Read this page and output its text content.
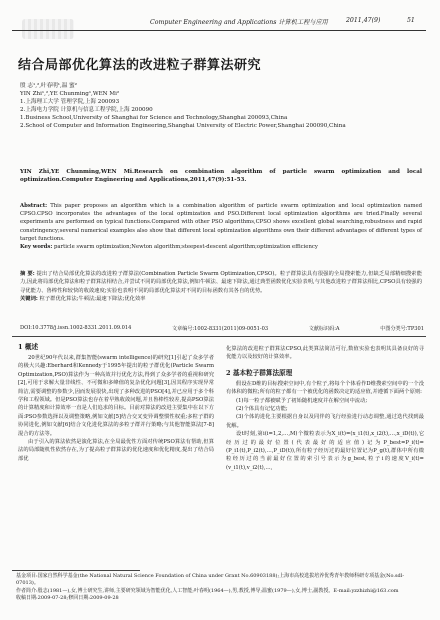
Computer Engineering and Applications 计算机工程与应用	2011,47(9)	51
结合局部优化算法的改进粒子群算法研究
殷 志¹,²,叶春明¹,温 蜜²
YIN Zhi¹,²,YE Chunming¹,WEN Mi²
1.上海理工大学 管理学院,上海 200093
2.上海电力学院 计算机与信息工程学院,上海 200090
1.Business School,University of Shanghai for Science and Technology,Shanghai 200093,China
2.School of Computer and Information Engineering,Shanghai University of Electric Power,Shanghai 200090,China
YIN Zhi,YE Chunming,WEN Mi.Research on combination algorithm of particle swarm optimization and local optimization.Computer Engineering and Applications,2011,47(9):51-53.
Abstract: This paper proposes an algorithm which is a combination algorithm of particle swarm optimization and local optimization named CPSO.CPSO incorporates the advantages of the local optimization and PSO.Different local optimization algorithms are tried.Finally several experiments are performed on typical functions.Compared with other PSO algorithms,CPSO shows excellent global searching,robustness and rapid constringency;several numerical examples also show that different local optimization algorithms own their different advantages of different types of target functions.
Key words: particle swarm optimization;Newton algorithm;steepest-descent algorithm;optimization efficiency
摘 要: 提出了结合局部优化算法的改进粒子群算法(Combination Particle Swarm Optimization,CPSO)。粒子群算法具有很强的全局搜索能力,但缺乏局部精细搜索能力,因此将局部优化算法和粒子群算法相结合,并尝试不同的局部优化算法,例如牛顿法、最速下降法,通过典型函数优化实验表明,与其他改进粒子群算法相比,CPSO具有较强的寻优能力、鲁棒性和较快的收敛速度;实验也表明不同的局部优化算法对不同的目标函数有其各自的优势。
关键词: 粒子群优化算法;牛顿法;最速下降法;优化效率
DOI:10.3778/j.issn.1002-8331.2011.09.014	文章编号:1002-8331(2011)09-0051-03	文献标识码:A	中图分类号:TP301
1 概述
20世纪90年代以来,群集智能(swarm intelligence)的研究[1]引起了众多学者的极大兴趣:Eberhard和Kennedy于1995年提出的粒子群优化(Particle Swarm Optimization,PSO)算法作为一种高效并行优化方法,得到了众多学者的重视和研究[2],可用于求解大量非线性、不可微和多峰值的复杂优化问题[3],因其程序实现异常简洁,需要调整的参数少,因而发展很快,出现了多种改进的PSO[4],并已应用于多个科学和工程领域。但是PSO算法也存在着早熟收敛问题,并且鲁棒性较差,提高PSO算法的计算精度和计算效率一直是人们追求的目标。目前对算法的改进主要集中在以下方面:PSO参数选择以及调整策略,例如文献[5]结合交叉变异调整惯性权重;多粒子群的协同进化,例如文献[6]结合文化进化算法的多粒子群并行策略;与其他智能算法[7-8]混合的方法等。
由于引入的算法依然是演化算法,在全局最优性方面对传统PSO算法有帮助,但算法的局部随机性依然存在,为了提高粒子群算法的优化速度和优化精度,提出了结合局部优
化算法的改进粒子群算法CPSO,此类算法简洁可行,数值实验也表明其具备良好的寻优能力以及较好的计算效率。
2 基本粒子群算法原理
假设在D维的目标搜索空间中,有个粒子,将每个个体看作D维搜索空间中的一个没有体积的微粒;所有的粒子都有一个被优化的函数决定的适应值,并遵循下面两个原则:
(1)每一粒子都被赋予了初始随机速度并在解空间中流动;
(2)个体具有记忆功能;
(3)个体的进化主要根据自身以及同伴的飞行经验进行动态调整,通过迭代找到最优解。
设t时刻,第i(i=1,2,…,M)个微粒表示为X_i(t)=(x_i1(t),x_i2(t),…,x_iD(t)),它经历过的最好位置(代表最好的适应值)记为P_best=P_i(t)=(P_i1(t),P_i2(t),…,P_iD(t)),所有粒子经历过的最好位置记为P_g(t),群体中所有微粒经历过的当前最好位置的索引号表示为g_best,粒子i的速度V_i(t)=(v_i1(t),v_i2(t),…,
基金项目:国家自然科学基金(the National Natural Science Foundation of China under Grant No.60903188);上海市高校选拔培养优秀青年教师科研专项基金(No.sdl-07013)。
作者简介:殷志(1981—),女,博士研究生,讲师,主要研究领域为智能优化,人工智能;叶春明(1964—),男,教授,博导;温蜜(1979—),女,博士,副教授。E-mail:yzzhizhi@163.com
收稿日期:2009-07-28;修回日期:2009-09-28
